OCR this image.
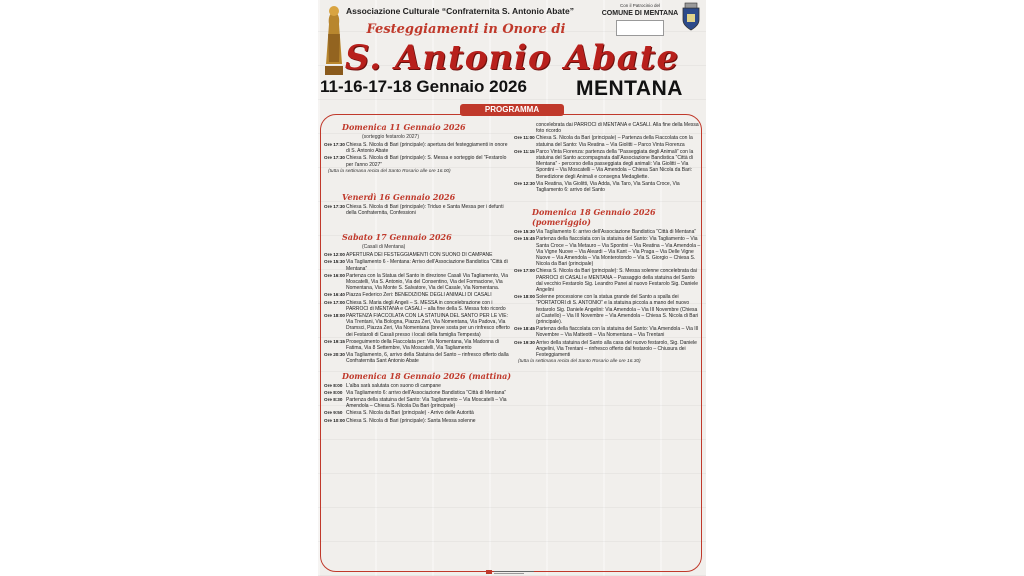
Associazione Culturale “Confraternita S. Antonio Abate”
Con il Patrocinio del
COMUNE DI MENTANA
Festeggiamenti in Onore di
S. Antonio Abate
11-16-17-18 Gennaio 2026 MENTANA
PROGRAMMA
Domenica 11 Gennaio 2026
(sorteggio festarolo 2027)
Ore 17:30 Chiesa S. Nicola di Bari (principale): apertura dei festeggiamenti in onore di S. Antonio Abate
Ore 17:30 Chiesa S. Nicola di Bari (principale): S. Messa e sorteggio del “Festarolo per l'anno 2027”
(tutta la settimana recita del Santo Rosario alle ore 16.00)
Venerdì 16 Gennaio 2026
Ore 17:30 Chiesa S. Nicola di Bari (principale): Triduo e Santa Messa per i defunti della Confraternita, Confessioni
Sabato 17 Gennaio 2026
(Casali di Mentana)
Ore 12:00 APERTURA DEI FESTEGGIAMENTI CON SUONO DI CAMPANE
Ore 15:30 Via Tagliamento 6 - Mentana: Arrivo dell'Associazione Bandistica “Città di Mentana”
Ore 16:00 Partenza con la Statua del Santo in direzione Casali Via Tagliamento, Via Moscatelli, Via S. Antonio, Via del Consentino, Via del Formacione, Via Nomentana, Via Monte S. Salvatore, Via del Casale, Via Nomentana.
Ore 16:40 Piazza Federico Zeri: BENEDIZIONE DEGLI ANIMALI DI CASALI
Ore 17:00 Chiesa S. Maria degli Angeli – S. MESSA in concelebrazione con i PARROCI di MENTANA e CASALI – alla fine della S. Messa foto ricordo
Ore 18:00 PARTENZA FIACCOLATA CON LA STATUINA DEL SANTO PER LE VIE: Via Trentani, Via Bologna, Piazza Zeri, Via Nomentana, Via Padova, Via Dramsci, Piazza Zeri, Via Nomentana (breve sosta per un rinfresco offerto dei Festaroli di Casali presso i locali della famiglia Tempesta)
Ore 19:15 Proseguimento della Fiaccolata per: Via Nomentana, Via Madonna di Fatima, Via 8 Settembre, Via Moscatelli, Via Tagliamento
Ore 20:30 Via Tagliamento, 6, arrivo della Statuina del Santo – rinfresco offerto dalla Confraternita Sant Antonio Abate
Domenica 18 Gennaio 2026 (mattina)
Ore 8:00 L'alba sarà salutata con suono di campane
Ore 8:00 Via Tagliamento 6: arrivo dell'Associazione Bandistica “Città di Mentana”
Ore 8:30 Partenza della statuina del Santo: Via Tagliamento – Via Moscatelli – Via Amendola – Chiesa S. Nicola Da Bari (principale)
Ore 9:50 Chiesa S. Nicola da Bari (principale) - Arrivo delle Autorità
Ore 10:00 Chiesa S. Nicola di Bari (principale): Santa Messa solenne
concelebrata dai PARROCI di MENTANA e CASALI. Alla fine della Messa foto ricordo
Ore 11:00 Chiesa S. Nicola da Bari (principale) – Partenza della Fiaccolata con la statuina del Santo: Via Reatina – Via Giolitti – Parco Vinta Fiorenza
Ore 11:15 Parco Vinta Fiorenza: partenza della “Passeggiata degli Animali” con la statuina del Santo accompagnata dall'Associazione Bandistica “Città di Mentana” - percorso della passeggiata degli animali: Via Giolitti – Via Spontini – Via Moscatelli – Via Amendola – Chiesa San Nicola da Bari: Benedizione degli Animali e consegna Medagliette.
Ore 12:30 Via Reatina, Via Giolitti, Via Adda, Via Taro, Via Santa Croce, Via Tagliamento 6: arrivo del Santo
Domenica 18 Gennaio 2026 (pomeriggio)
Ore 15:30 Via Tagliamento 6: arrivo dell'Associazione Bandistica “Città di Mentana”
Ore 15:45 Partenza della fiaccolata con la statuina del Santo: Via Tagliamento – Via Santa Croce – Via Metauro – Via Spontini – Via Reatina – Via Amendola – Via Vigne Nuove – Via Aleardi – Via Kant – Via Praga – Via Delle Vigne Nuove – Via Amendola – Via Monterotondo – Via S. Giorgio – Chiesa S. Nicola da Bari (principale)
Ore 17:00 Chiesa S. Nicola da Bari (principale): S. Messa solenne concelebrata dai PARROCI di CASALI e MENTANA – Passaggio della statuina del Santo dal vecchio Festarolo Sig. Leandro Panei al nuovo Festarolo Sig. Daniele Angelini
Ore 18:00 Solenne processione con la statua grande del Santo a spalla dei “PORTATORI di S. ANTONIO” e la statuina piccola a mano del nuovo festarolo Sig. Daniele Angelini: Via Amendola – Via III Novembre (Chiesa al Castello) – Via III Novembre – Via Amendola – Chiesa S. Nicola di Bari (principale).
Ore 18:45 Partenza della fiaccolata con la statuina del Santo: Via Amendola – Via III Novembre – Via Matteotti – Via Nomentana – Via Trentani
Ore 19:30 Arrivo della statuina del Santo alla casa del nuovo festarolo, Sig. Daniele Angelini, Via Trentani – rinfresco offerto dal festarolo – Chiusura dei Festeggiamenti
(tutta la settimana recita del Santo Rosario alle ore 16.30)
